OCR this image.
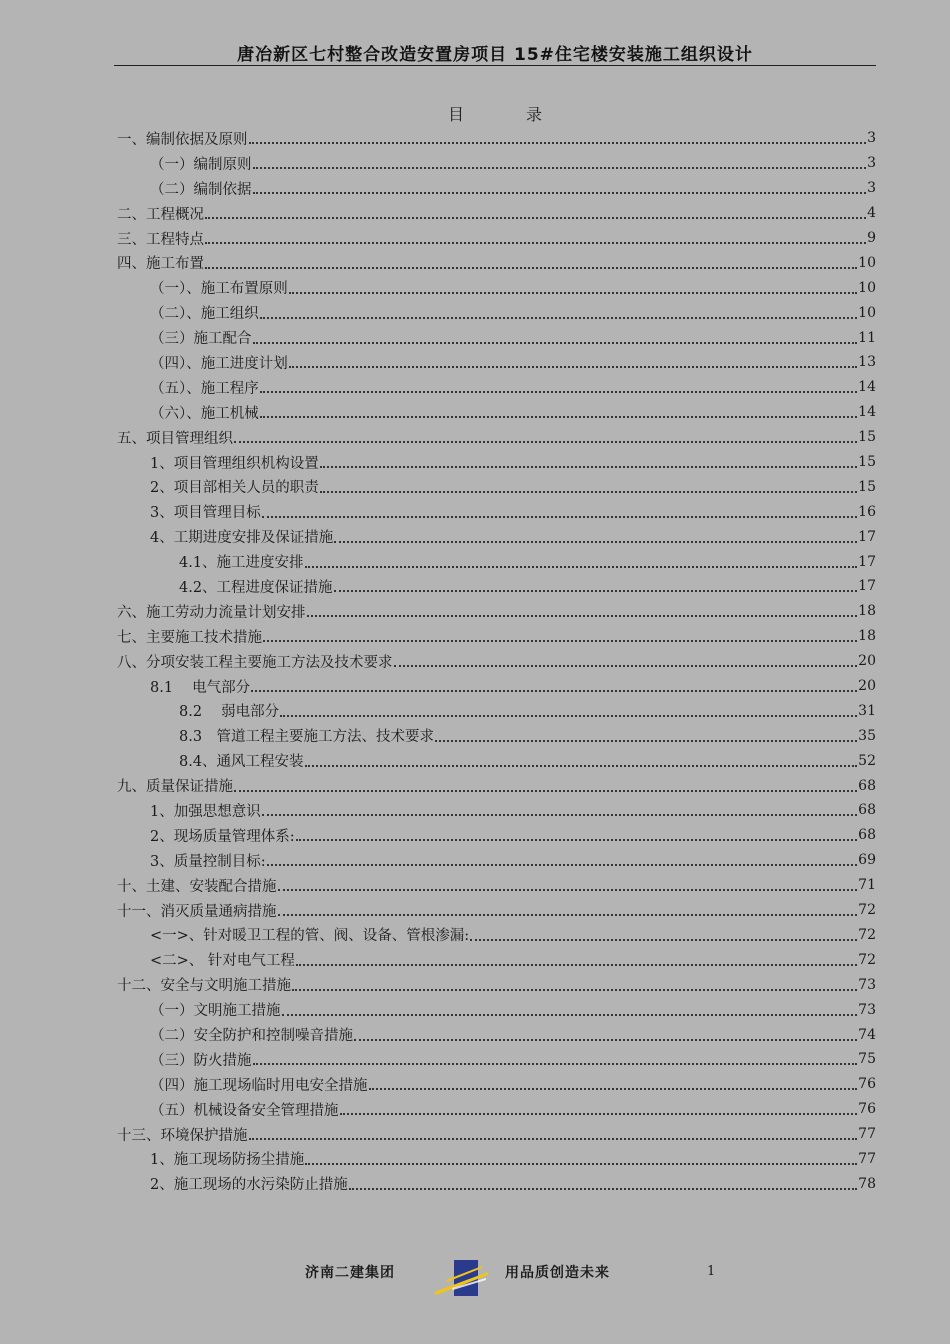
唐冶新区七村整合改造安置房项目 15#住宅楼安装施工组织设计
目	录
一、编制依据及原则	3
（一）编制原则	3
（二）编制依据	3
二、工程概况	4
三、工程特点	9
四、施工布置	10
（一）、施工布置原则	10
（二）、施工组织	10
（三）施工配合	11
（四）、施工进度计划	13
（五）、施工程序	14
（六）、施工机械	14
五、项目管理组织	15
1、项目管理组织机构设置	15
2、项目部相关人员的职责	15
3、项目管理目标	16
4、工期进度安排及保证措施	17
4.1、施工进度安排	17
4.2、工程进度保证措施	17
六、施工劳动力流量计划安排	18
七、主要施工技术措施	18
八、分项安装工程主要施工方法及技术要求	20
8.1　 电气部分	20
8.2　 弱电部分	31
8.3　管道工程主要施工方法、技术要求	35
8.4、通风工程安装	52
九、质量保证措施	68
1、加强思想意识	68
2、现场质量管理体系:	68
3、质量控制目标:	69
十、土建、安装配合措施	71
十一、消灭质量通病措施	72
<一>、针对暖卫工程的管、阀、设备、管根渗漏:	72
<二>、 针对电气工程	72
十二、安全与文明施工措施	73
（一）文明施工措施	73
（二）安全防护和控制噪音措施	74
（三）防火措施	75
（四）施工现场临时用电安全措施	76
（五）机械设备安全管理措施	76
十三、环境保护措施	77
1、施工现场防扬尘措施	77
2、施工现场的水污染防止措施	78
济南二建集团	用品质创造未来	1
